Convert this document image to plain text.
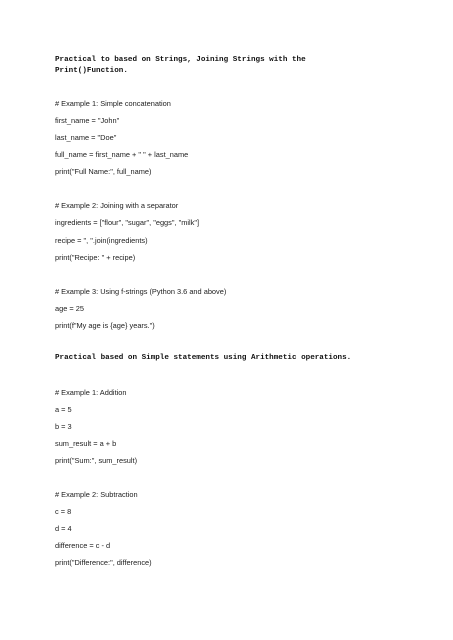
Practical to based on Strings, Joining Strings with the
Print()Function.
# Example 1: Simple concatenation
first_name = "John"
last_name = "Doe"
full_name = first_name + " " + last_name
print("Full Name:", full_name)
# Example 2: Joining with a separator
ingredients = ["flour", "sugar", "eggs", "milk"]
recipe = ", ".join(ingredients)
print("Recipe: " + recipe)
# Example 3: Using f-strings (Python 3.6 and above)
age = 25
print(f"My age is {age} years.")
Practical based on Simple statements using Arithmetic operations.
# Example 1: Addition
a = 5
b = 3
sum_result = a + b
print("Sum:", sum_result)
# Example 2: Subtraction
c = 8
d = 4
difference = c - d
print("Difference:", difference)
